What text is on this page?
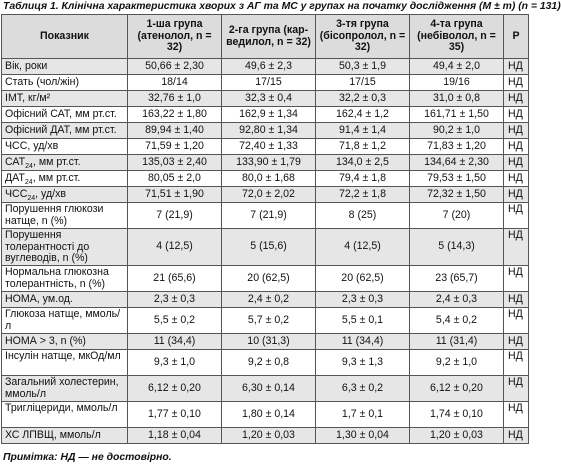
Таблиця 1. Клінічна характеристика хворих з АГ та МС у групах на початку дослідження (M ± m) (n = 131)
Показник	1-ша група (атенолол, n = 32)	2-га група (кар-ведилол, n = 32)	3-тя група (бісопролол, n = 32)	4-та група (небіволол, n = 35)	P
Вік, роки	50,66 ± 2,30	49,6 ± 2,3	50,3 ± 1,9	49,4 ± 2,0	НД
Стать (чол/жін)	18/14	17/15	17/15	19/16	НД
ІМТ, кг/м²	32,76 ± 1,0	32,3 ± 0,4	32,2 ± 0,3	31,0 ± 0,8	НД
Офісний САТ, мм рт.ст.	163,22 ± 1,80	162,9 ± 1,34	162,4 ± 1,2	161,71 ± 1,50	НД
Офісний ДАТ, мм рт.ст.	89,94 ± 1,40	92,80 ± 1,34	91,4 ± 1,4	90,2 ± 1,0	НД
ЧСС, уд/хв	71,59 ± 1,20	72,40 ± 1,33	71,8 ± 1,2	71,83 ± 1,20	НД
$САТ_{24}$, мм рт.ст.	135,03 ± 2,40	133,90 ± 1,79	134,0 ± 2,5	134,64 ± 2,30	НД
$ДАТ_{24}$, мм рт.ст.	80,05 ± 2,0	80,0 ± 1,68	79,4 ± 1,8	79,53 ± 1,50	НД
$ЧСС_{24}$, уд/хв	71,51 ± 1,90	72,0 ± 2,02	72,2 ± 1,8	72,32 ± 1,50	НД
Порушення глюкози натще, n (%)	7 (21,9)	7 (21,9)	8 (25)	7 (20)	НД
Порушення толерантності до вуглеводів, n (%)	4 (12,5)	5 (15,6)	4 (12,5)	5 (14,3)	НД
Нормальна глюкозна толерантність, n (%)	21 (65,6)	20 (62,5)	20 (62,5)	23 (65,7)	НД
НОМА, ум.од.	2,3 ± 0,3	2,4 ± 0,2	2,3 ± 0,3	2,4 ± 0,3	НД
Глюкоза натще, ммоль/л	5,5 ± 0,2	5,7 ± 0,2	5,5 ± 0,1	5,4 ± 0,2	НД
НОМА > 3, n (%)	11 (34,4)	10 (31,3)	11 (34,4)	11 (31,4)	НД
Інсулін натще, мкОд/мл	9,3 ± 1,0	9,2 ± 0,8	9,3 ± 1,3	9,2 ± 1,0	НД
Загальний холестерин, ммоль/л	6,12 ± 0,20	6,30 ± 0,14	6,3 ± 0,2	6,12 ± 0,20	НД
Тригліцериди, ммоль/л	1,77 ± 0,10	1,80 ± 0,14	1,7 ± 0,1	1,74 ± 0,10	НД
ХС ЛПВЩ, ммоль/л	1,18 ± 0,04	1,20 ± 0,03	1,30 ± 0,04	1,20 ± 0,03	НД
Примітка: НД — не достовірно.
